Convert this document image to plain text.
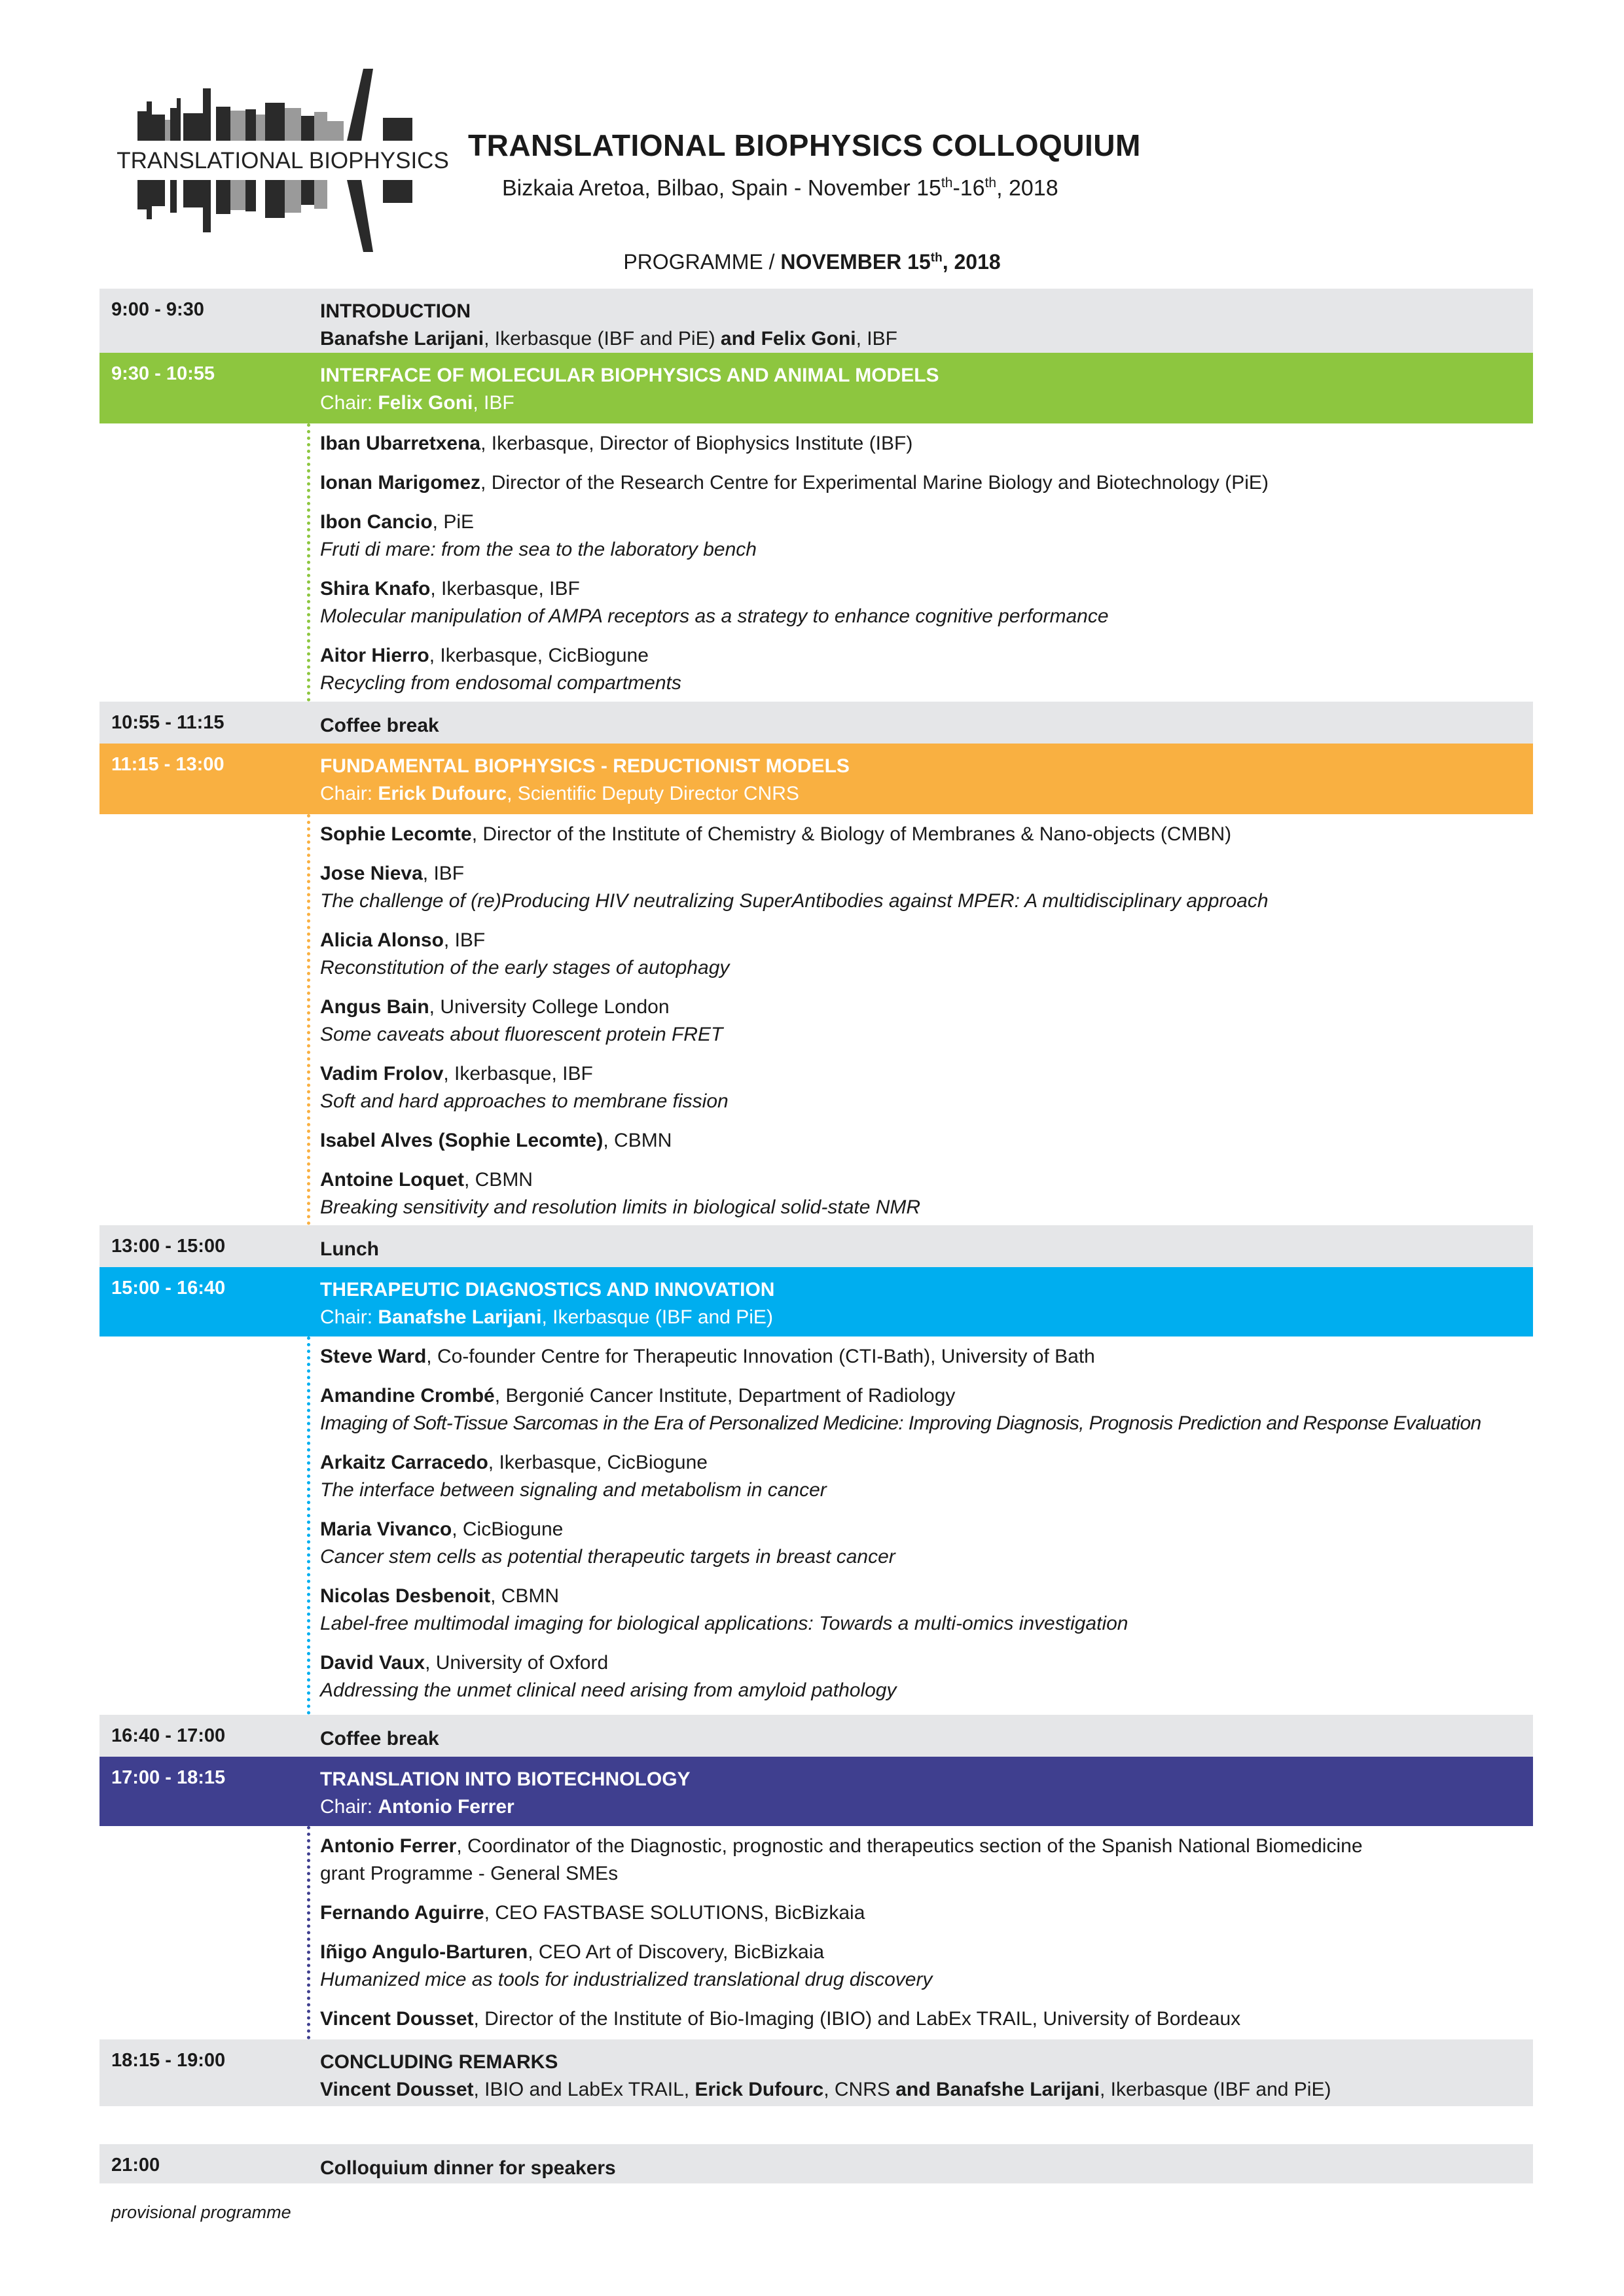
TRANSLATIONAL BIOPHYSICS TRANSLATIONAL BIOPHYSICS COLLOQUIUM
Bizkaia Aretoa, Bilbao, Spain - November 15th-16th, 2018
PROGRAMME / NOVEMBER 15th, 2018
9:00 - 9:30	INTRODUCTION
Banafshe Larijani, Ikerbasque (IBF and PiE) and Felix Goni, IBF
9:30 - 10:55	INTERFACE OF MOLECULAR BIOPHYSICS AND ANIMAL MODELS
Chair: Felix Goni, IBF
Iban Ubarretxena, Ikerbasque, Director of Biophysics Institute (IBF)
Ionan Marigomez, Director of the Research Centre for Experimental Marine Biology and Biotechnology (PiE)
Ibon Cancio, PiE
Fruti di mare: from the sea to the laboratory bench
Shira Knafo, Ikerbasque, IBF
Molecular manipulation of AMPA receptors as a strategy to enhance cognitive performance
Aitor Hierro, Ikerbasque, CicBiogune
Recycling from endosomal compartments
10:55 - 11:15	Coffee break
11:15 - 13:00	FUNDAMENTAL BIOPHYSICS - REDUCTIONIST MODELS
Chair: Erick Dufourc, Scientific Deputy Director CNRS
Sophie Lecomte, Director of the Institute of Chemistry & Biology of Membranes & Nano-objects (CMBN)
Jose Nieva, IBF
The challenge of (re)Producing HIV neutralizing SuperAntibodies against MPER: A multidisciplinary approach
Alicia Alonso, IBF
Reconstitution of the early stages of autophagy
Angus Bain, University College London
Some caveats about fluorescent protein FRET
Vadim Frolov, Ikerbasque, IBF
Soft and hard approaches to membrane fission
Isabel Alves (Sophie Lecomte), CBMN
Antoine Loquet, CBMN
Breaking sensitivity and resolution limits in biological solid-state NMR
13:00 - 15:00	Lunch
15:00 - 16:40	THERAPEUTIC DIAGNOSTICS AND INNOVATION
Chair: Banafshe Larijani, Ikerbasque (IBF and PiE)
Steve Ward, Co-founder Centre for Therapeutic Innovation (CTI-Bath), University of Bath
Amandine Crombé, Bergonié Cancer Institute, Department of Radiology
Imaging of Soft-Tissue Sarcomas in the Era of Personalized Medicine: Improving Diagnosis, Prognosis Prediction and Response Evaluation
Arkaitz Carracedo, Ikerbasque, CicBiogune
The interface between signaling and metabolism in cancer
Maria Vivanco, CicBiogune
Cancer stem cells as potential therapeutic targets in breast cancer
Nicolas Desbenoit, CBMN
Label-free multimodal imaging for biological applications: Towards a multi-omics investigation
David Vaux, University of Oxford
Addressing the unmet clinical need arising from amyloid pathology
16:40 - 17:00	Coffee break
17:00 - 18:15	TRANSLATION INTO BIOTECHNOLOGY
Chair: Antonio Ferrer
Antonio Ferrer, Coordinator of the Diagnostic, prognostic and therapeutics section of the Spanish National Biomedicine
grant Programme - General SMEs
Fernando Aguirre, CEO FASTBASE SOLUTIONS, BicBizkaia
Iñigo Angulo-Barturen, CEO Art of Discovery, BicBizkaia
Humanized mice as tools for industrialized translational drug discovery
Vincent Dousset, Director of the Institute of Bio-Imaging (IBIO) and LabEx TRAIL, University of Bordeaux
18:15 - 19:00	CONCLUDING REMARKS
Vincent Dousset, IBIO and LabEx TRAIL, Erick Dufourc, CNRS and Banafshe Larijani, Ikerbasque (IBF and PiE)
21:00	Colloquium dinner for speakers
provisional programme
